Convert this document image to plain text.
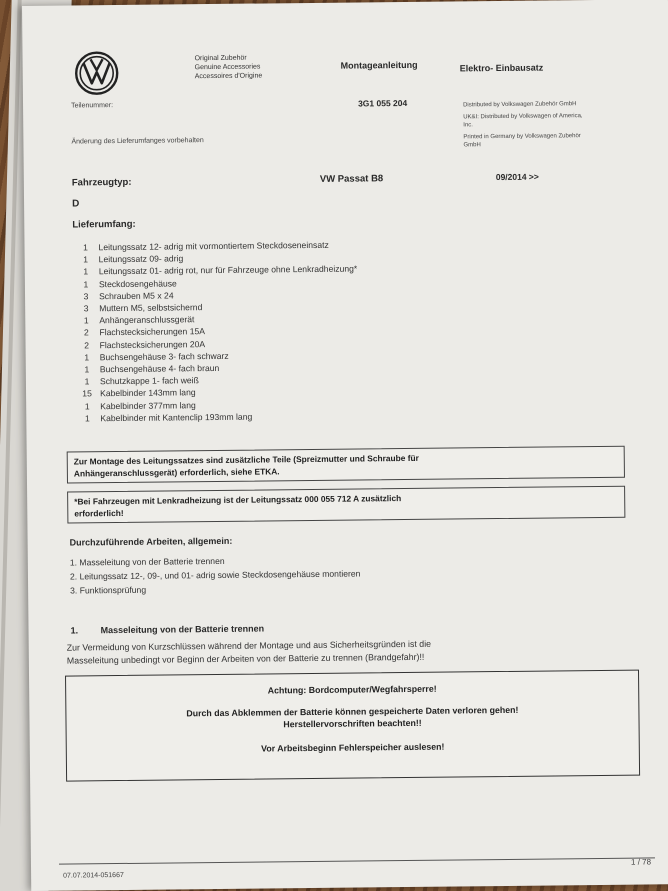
Original Zubehör
Genuine Accessories
Accessoires d'Origine
Montageanleitung	Elektro- Einbausatz
Teilenummer:	3G1 055 204	Distributed by Volkswagen Zubehör GmbH
UK&I: Distributed by Volkswagen of America, Inc.
Printed in Germany by Volkswagen Zubehör GmbH
Änderung des Lieferumfanges vorbehalten
Fahrzeugtyp:	VW Passat B8	09/2014 >>
D
Lieferumfang:
1	Leitungssatz 12- adrig mit vormontiertem Steckdoseneinsatz
1	Leitungssatz 09- adrig
1	Leitungssatz 01- adrig rot, nur für Fahrzeuge ohne Lenkradheizung*
1	Steckdosengehäuse
3	Schrauben M5 x 24
3	Muttern M5, selbstsichernd
1	Anhängeranschlussgerät
2	Flachstecksicherungen 15A
2	Flachstecksicherungen 20A
1	Buchsengehäuse 3- fach schwarz
1	Buchsengehäuse 4- fach braun
1	Schutzkappe 1- fach weiß
15 Kabelbinder 143mm lang
1	Kabelbinder 377mm lang
1	Kabelbinder mit Kantenclip 193mm lang
Zur Montage des Leitungssatzes sind zusätzliche Teile (Spreizmutter und Schraube für
Anhängeranschlussgerät) erforderlich, siehe ETKA.
*Bei Fahrzeugen mit Lenkradheizung ist der Leitungssatz 000 055 712 A zusätzlich
erforderlich!
Durchzuführende Arbeiten, allgemein:
1. Masseleitung von der Batterie trennen
2. Leitungssatz 12-, 09-, und 01- adrig sowie Steckdosengehäuse montieren
3. Funktionsprüfung
1. Masseleitung von der Batterie trennen
Zur Vermeidung von Kurzschlüssen während der Montage und aus Sicherheitsgründen ist die
Masseleitung unbedingt vor Beginn der Arbeiten von der Batterie zu trennen (Brandgefahr)!!
Achtung: Bordcomputer/Wegfahrsperre!
Durch das Abklemmen der Batterie können gespeicherte Daten verloren gehen!
Herstellervorschriften beachten!!
Vor Arbeitsbeginn Fehlerspeicher auslesen!
07.07.2014-051667
1 / 78
